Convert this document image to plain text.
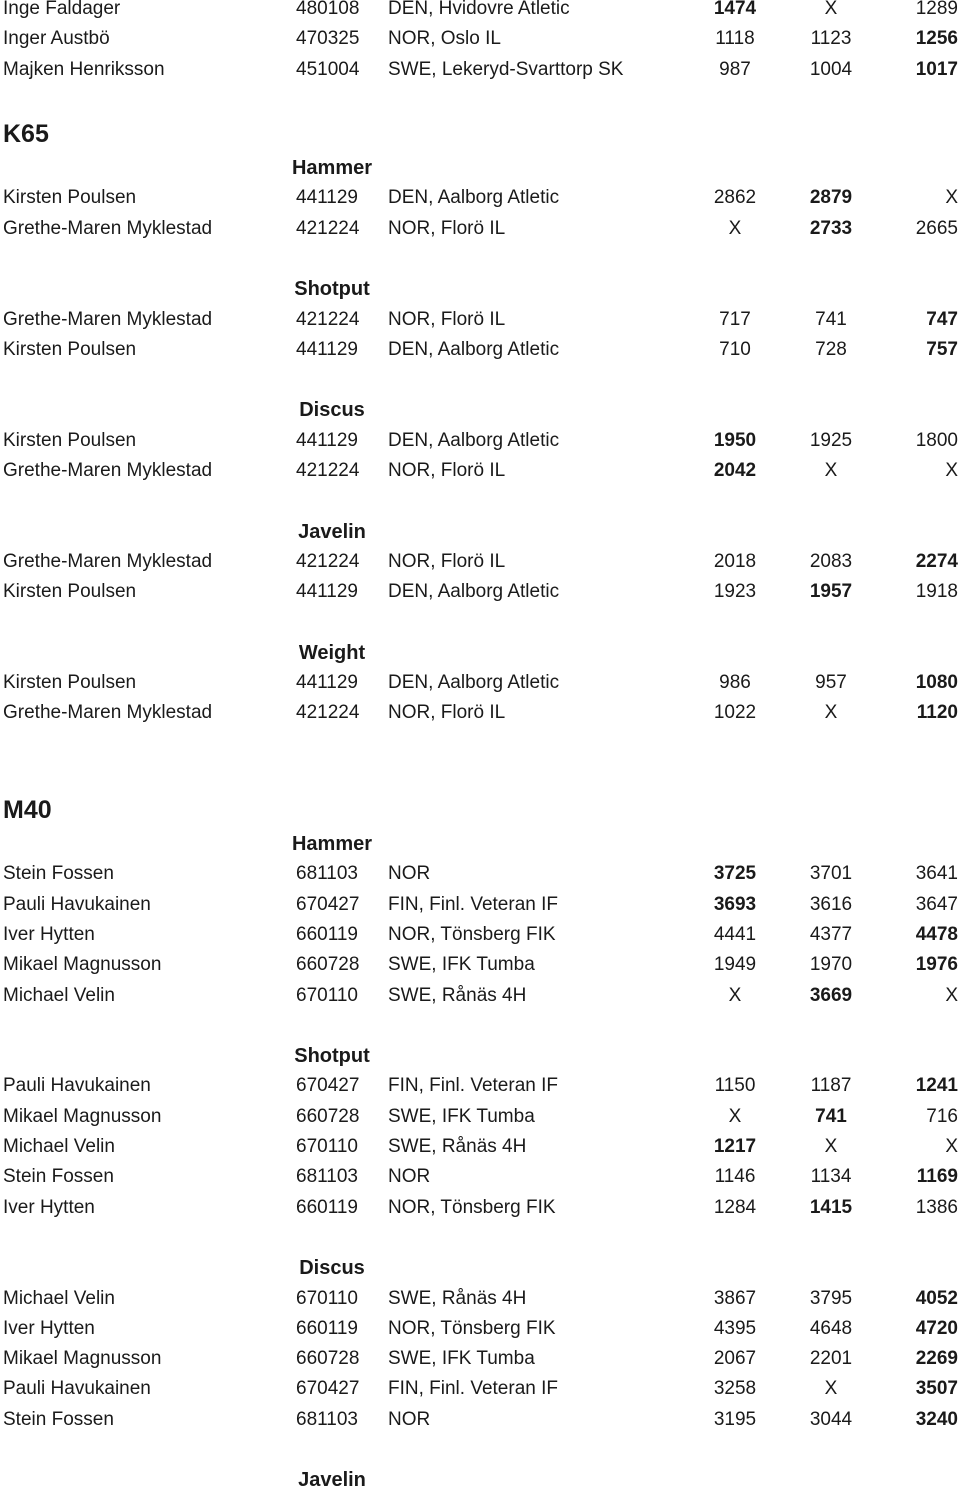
Inge Faldager	480108 DEN, Hvidovre Atletic	1474	X	1289
Inger Austbö	470325 NOR, Oslo IL	1118	1123	1256
Majken Henriksson	451004 SWE, Lekeryd-Svarttorp SK	987	1004	1017
K65
Hammer
Kirsten Poulsen	441129 DEN, Aalborg Atletic	2862	2879	X
Grethe-Maren Myklestad	421224 NOR, Florö IL	X	2733	2665
Shotput
Grethe-Maren Myklestad	421224 NOR, Florö IL	717	741	747
Kirsten Poulsen	441129 DEN, Aalborg Atletic	710	728	757
Discus
Kirsten Poulsen	441129 DEN, Aalborg Atletic	1950	1925	1800
Grethe-Maren Myklestad	421224 NOR, Florö IL	2042	X	X
Javelin
Grethe-Maren Myklestad	421224 NOR, Florö IL	2018	2083	2274
Kirsten Poulsen	441129 DEN, Aalborg Atletic	1923	1957	1918
Weight
Kirsten Poulsen	441129 DEN, Aalborg Atletic	986	957	1080
Grethe-Maren Myklestad	421224 NOR, Florö IL	1022	X	1120
M40
Hammer
Stein Fossen	681103 NOR	3725	3701	3641
Pauli Havukainen	670427 FIN, Finl. Veteran IF	3693	3616	3647
Iver Hytten	660119 NOR, Tönsberg FIK	4441	4377	4478
Mikael Magnusson	660728 SWE, IFK Tumba	1949	1970	1976
Michael Velin	670110 SWE, Rånäs 4H	X	3669	X
Shotput
Pauli Havukainen	670427 FIN, Finl. Veteran IF	1150	1187	1241
Mikael Magnusson	660728 SWE, IFK Tumba	X	741	716
Michael Velin	670110 SWE, Rånäs 4H	1217	X	X
Stein Fossen	681103 NOR	1146	1134	1169
Iver Hytten	660119 NOR, Tönsberg FIK	1284	1415	1386
Discus
Michael Velin	670110 SWE, Rånäs 4H	3867	3795	4052
Iver Hytten	660119 NOR, Tönsberg FIK	4395	4648	4720
Mikael Magnusson	660728 SWE, IFK Tumba	2067	2201	2269
Pauli Havukainen	670427 FIN, Finl. Veteran IF	3258	X	3507
Stein Fossen	681103 NOR	3195	3044	3240
Javelin
